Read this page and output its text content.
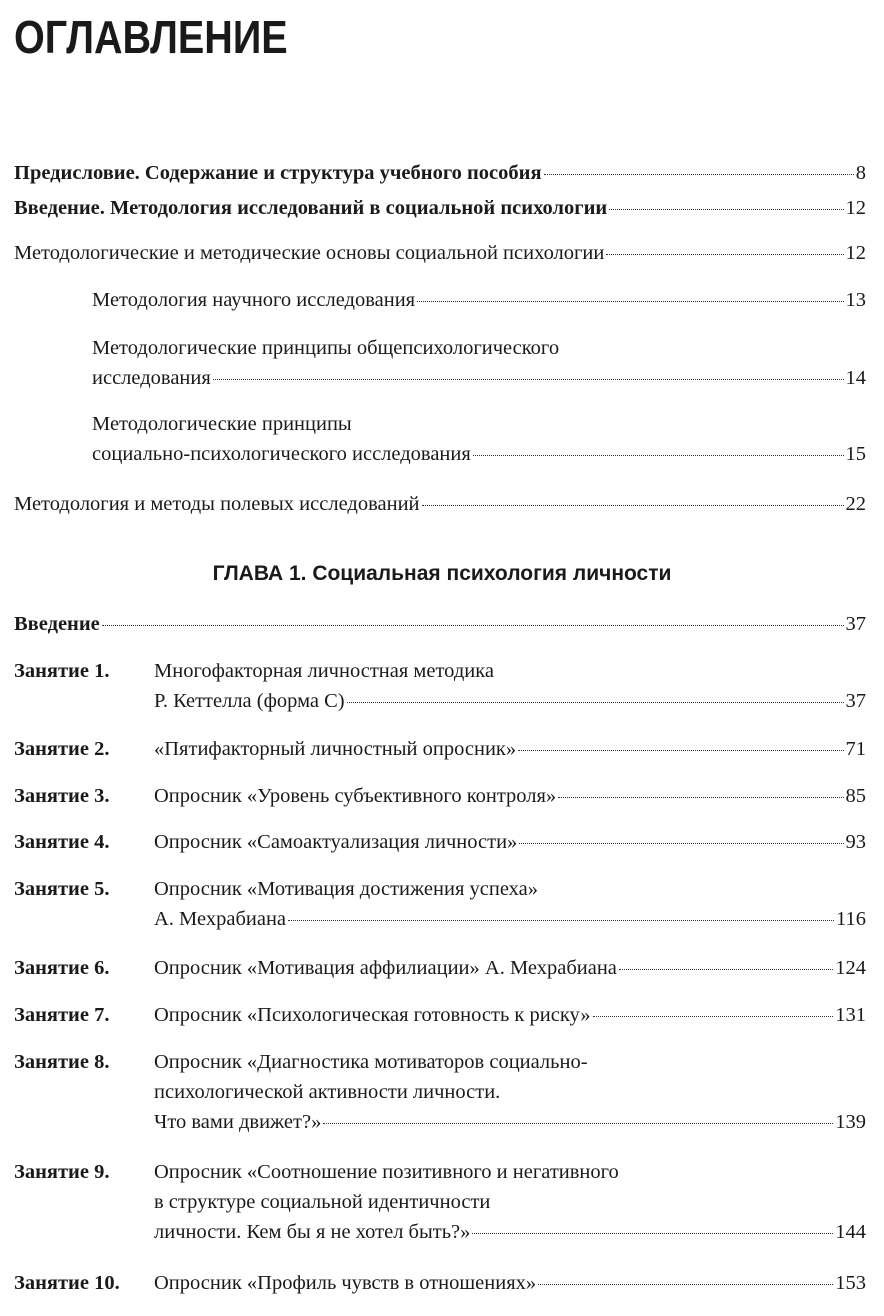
ОГЛАВЛЕНИЕ
Предисловие. Содержание и структура учебного пособия	8
Введение. Методология исследований в социальной психологии	12
Методологические и методические основы социальной психологии	12
Методология научного исследования	13
Методологические принципы общепсихологического
исследования	14
Методологические принципы
социально-психологического исследования	15
Методология и методы полевых исследований	22
ГЛАВА 1. Социальная психология личности
Введение	37
Занятие 1. Многофакторная личностная методика
Р. Кеттелла (форма С)	37
Занятие 2. «Пятифакторный личностный опросник»	71
Занятие 3. Опросник «Уровень субъективного контроля»	85
Занятие 4. Опросник «Самоактуализация личности»	93
Занятие 5. Опросник «Мотивация достижения успеха»
А. Мехрабиана	116
Занятие 6. Опросник «Мотивация аффилиации» А. Мехрабиана	124
Занятие 7. Опросник «Психологическая готовность к риску»	131
Занятие 8. Опросник «Диагностика мотиваторов социально-
психологической активности личности.
Что вами движет?»	139
Занятие 9. Опросник «Соотношение позитивного и негативного
в структуре социальной идентичности
личности. Кем бы я не хотел быть?»	144
Занятие 10. Опросник «Профиль чувств в отношениях»	153
